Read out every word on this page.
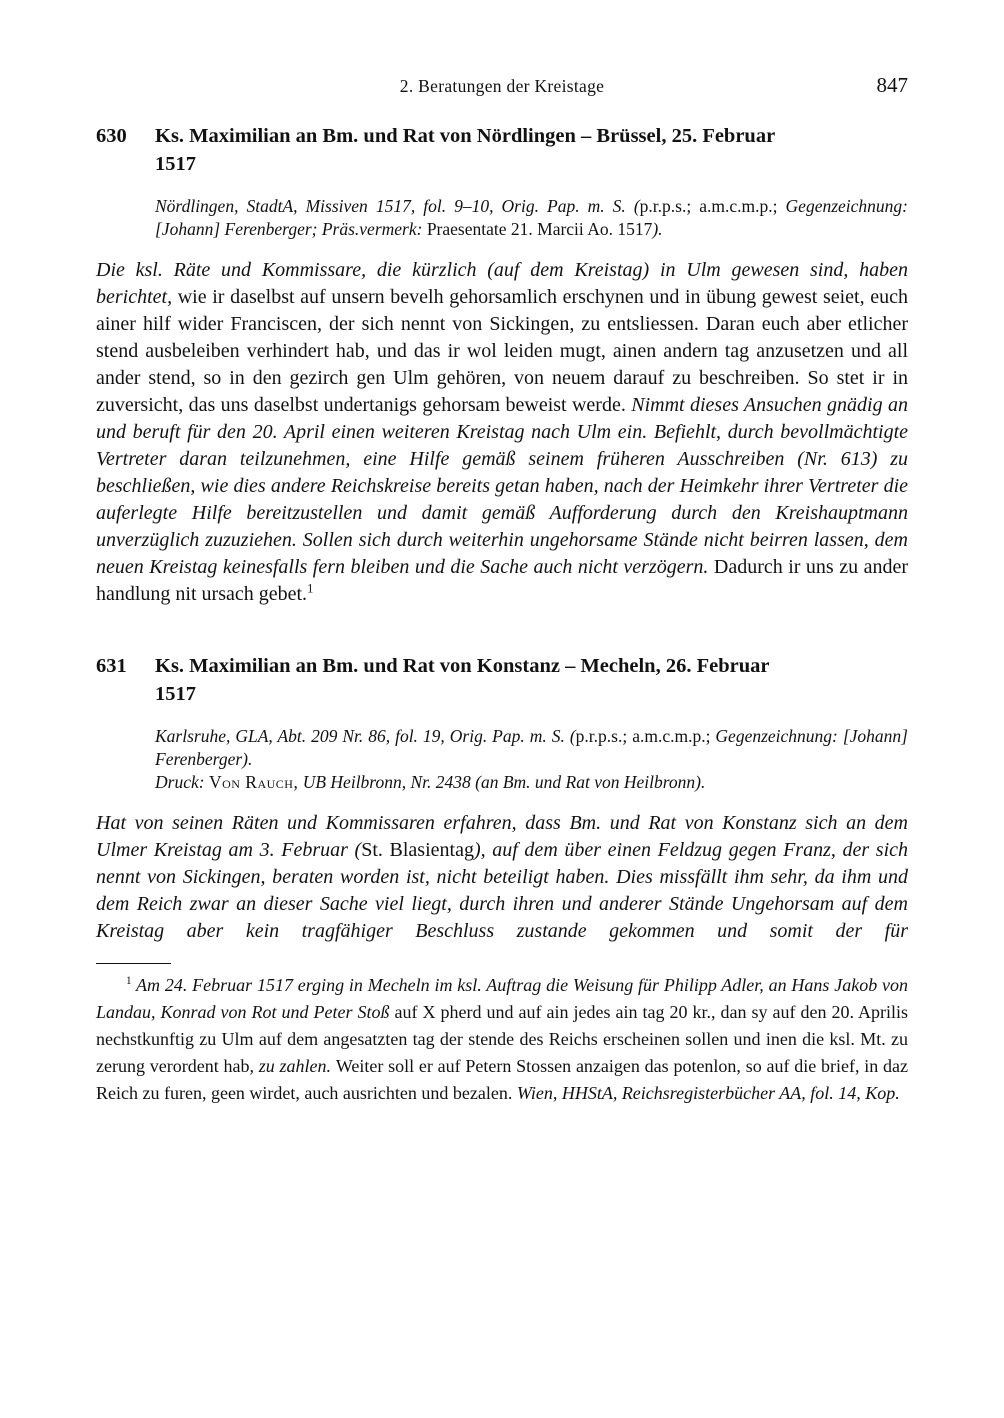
2. Beratungen der Kreistage	847
630	Ks. Maximilian an Bm. und Rat von Nördlingen – Brüssel, 25. Februar
1517

Nördlingen, StadtA, Missiven 1517, fol. 9–10, Orig. Pap. m. S. (p.r.p.s.; a.m.c.m.p.; Gegenzeichnung: [Johann] Ferenberger; Präs.vermerk: Praesentate 21. Marcii Ao. 1517).

Die ksl. Räte und Kommissare, die kürzlich (auf dem Kreistag) in Ulm gewesen sind, haben berichtet, wie ir daselbst auf unsern bevelh gehorsamlich erschynen und in übung gewest seiet, euch ainer hilf wider Franciscen, der sich nennt von Sickingen, zu entsliessen. Daran euch aber etlicher stend ausbeleiben verhindert hab, und das ir wol leiden mugt, ainen andern tag anzusetzen und all ander stend, so in den gezirch gen Ulm gehören, von neuem darauf zu beschreiben. So stet ir in zuversicht, das uns daselbst undertanigs gehorsam beweist werde. Nimmt dieses Ansuchen gnädig an und beruft für den 20. April einen weiteren Kreistag nach Ulm ein. Befiehlt, durch bevollmächtigte Vertreter daran teilzunehmen, eine Hilfe gemäß seinem früheren Ausschreiben (Nr. 613) zu beschließen, wie dies andere Reichskreise bereits getan haben, nach der Heimkehr ihrer Vertreter die auferlegte Hilfe bereitzustellen und damit gemäß Aufforderung durch den Kreishauptmann unverzüglich zuzuziehen. Sollen sich durch weiterhin ungehorsame Stände nicht beirren lassen, dem neuen Kreistag keinesfalls fern bleiben und die Sache auch nicht verzögern. Dadurch ir uns zu ander handlung nit ursach gebet.$^1$

631	Ks. Maximilian an Bm. und Rat von Konstanz – Mecheln, 26. Februar
1517

Karlsruhe, GLA, Abt. 209 Nr. 86, fol. 19, Orig. Pap. m. S. (p.r.p.s.; a.m.c.m.p.; Gegenzeichnung: [Johann] Ferenberger).

Druck: Von Rauch, UB Heilbronn, Nr. 2438 (an Bm. und Rat von Heilbronn).

Hat von seinen Räten und Kommissaren erfahren, dass Bm. und Rat von Konstanz sich an dem Ulmer Kreistag am 3. Februar (St. Blasientag), auf dem über einen Feldzug gegen Franz, der sich nennt von Sickingen, beraten worden ist, nicht beteiligt haben. Dies missfällt ihm sehr, da ihm und dem Reich zwar an dieser Sache viel liegt, durch ihren und anderer Stände Ungehorsam auf dem Kreistag aber kein tragfähiger Beschluss zustande gekommen und somit der für

$^1$ Am 24. Februar 1517 erging in Mecheln im ksl. Auftrag die Weisung für Philipp Adler, an Hans Jakob von Landau, Konrad von Rot und Peter Stoß auf X pherd und auf ain jedes ain tag 20 kr., dan sy auf den 20. Aprilis nechstkunftig zu Ulm auf dem angesatzten tag der stende des Reichs erscheinen sollen und inen die ksl. Mt. zu zerung verordent hab, zu zahlen. Weiter soll er auf Petern Stossen anzaigen das potenlon, so auf die brief, in daz Reich zu furen, geen wirdet, auch ausrichten und bezalen. Wien, HHStA, Reichsregisterbücher AA, fol. 14, Kop.
